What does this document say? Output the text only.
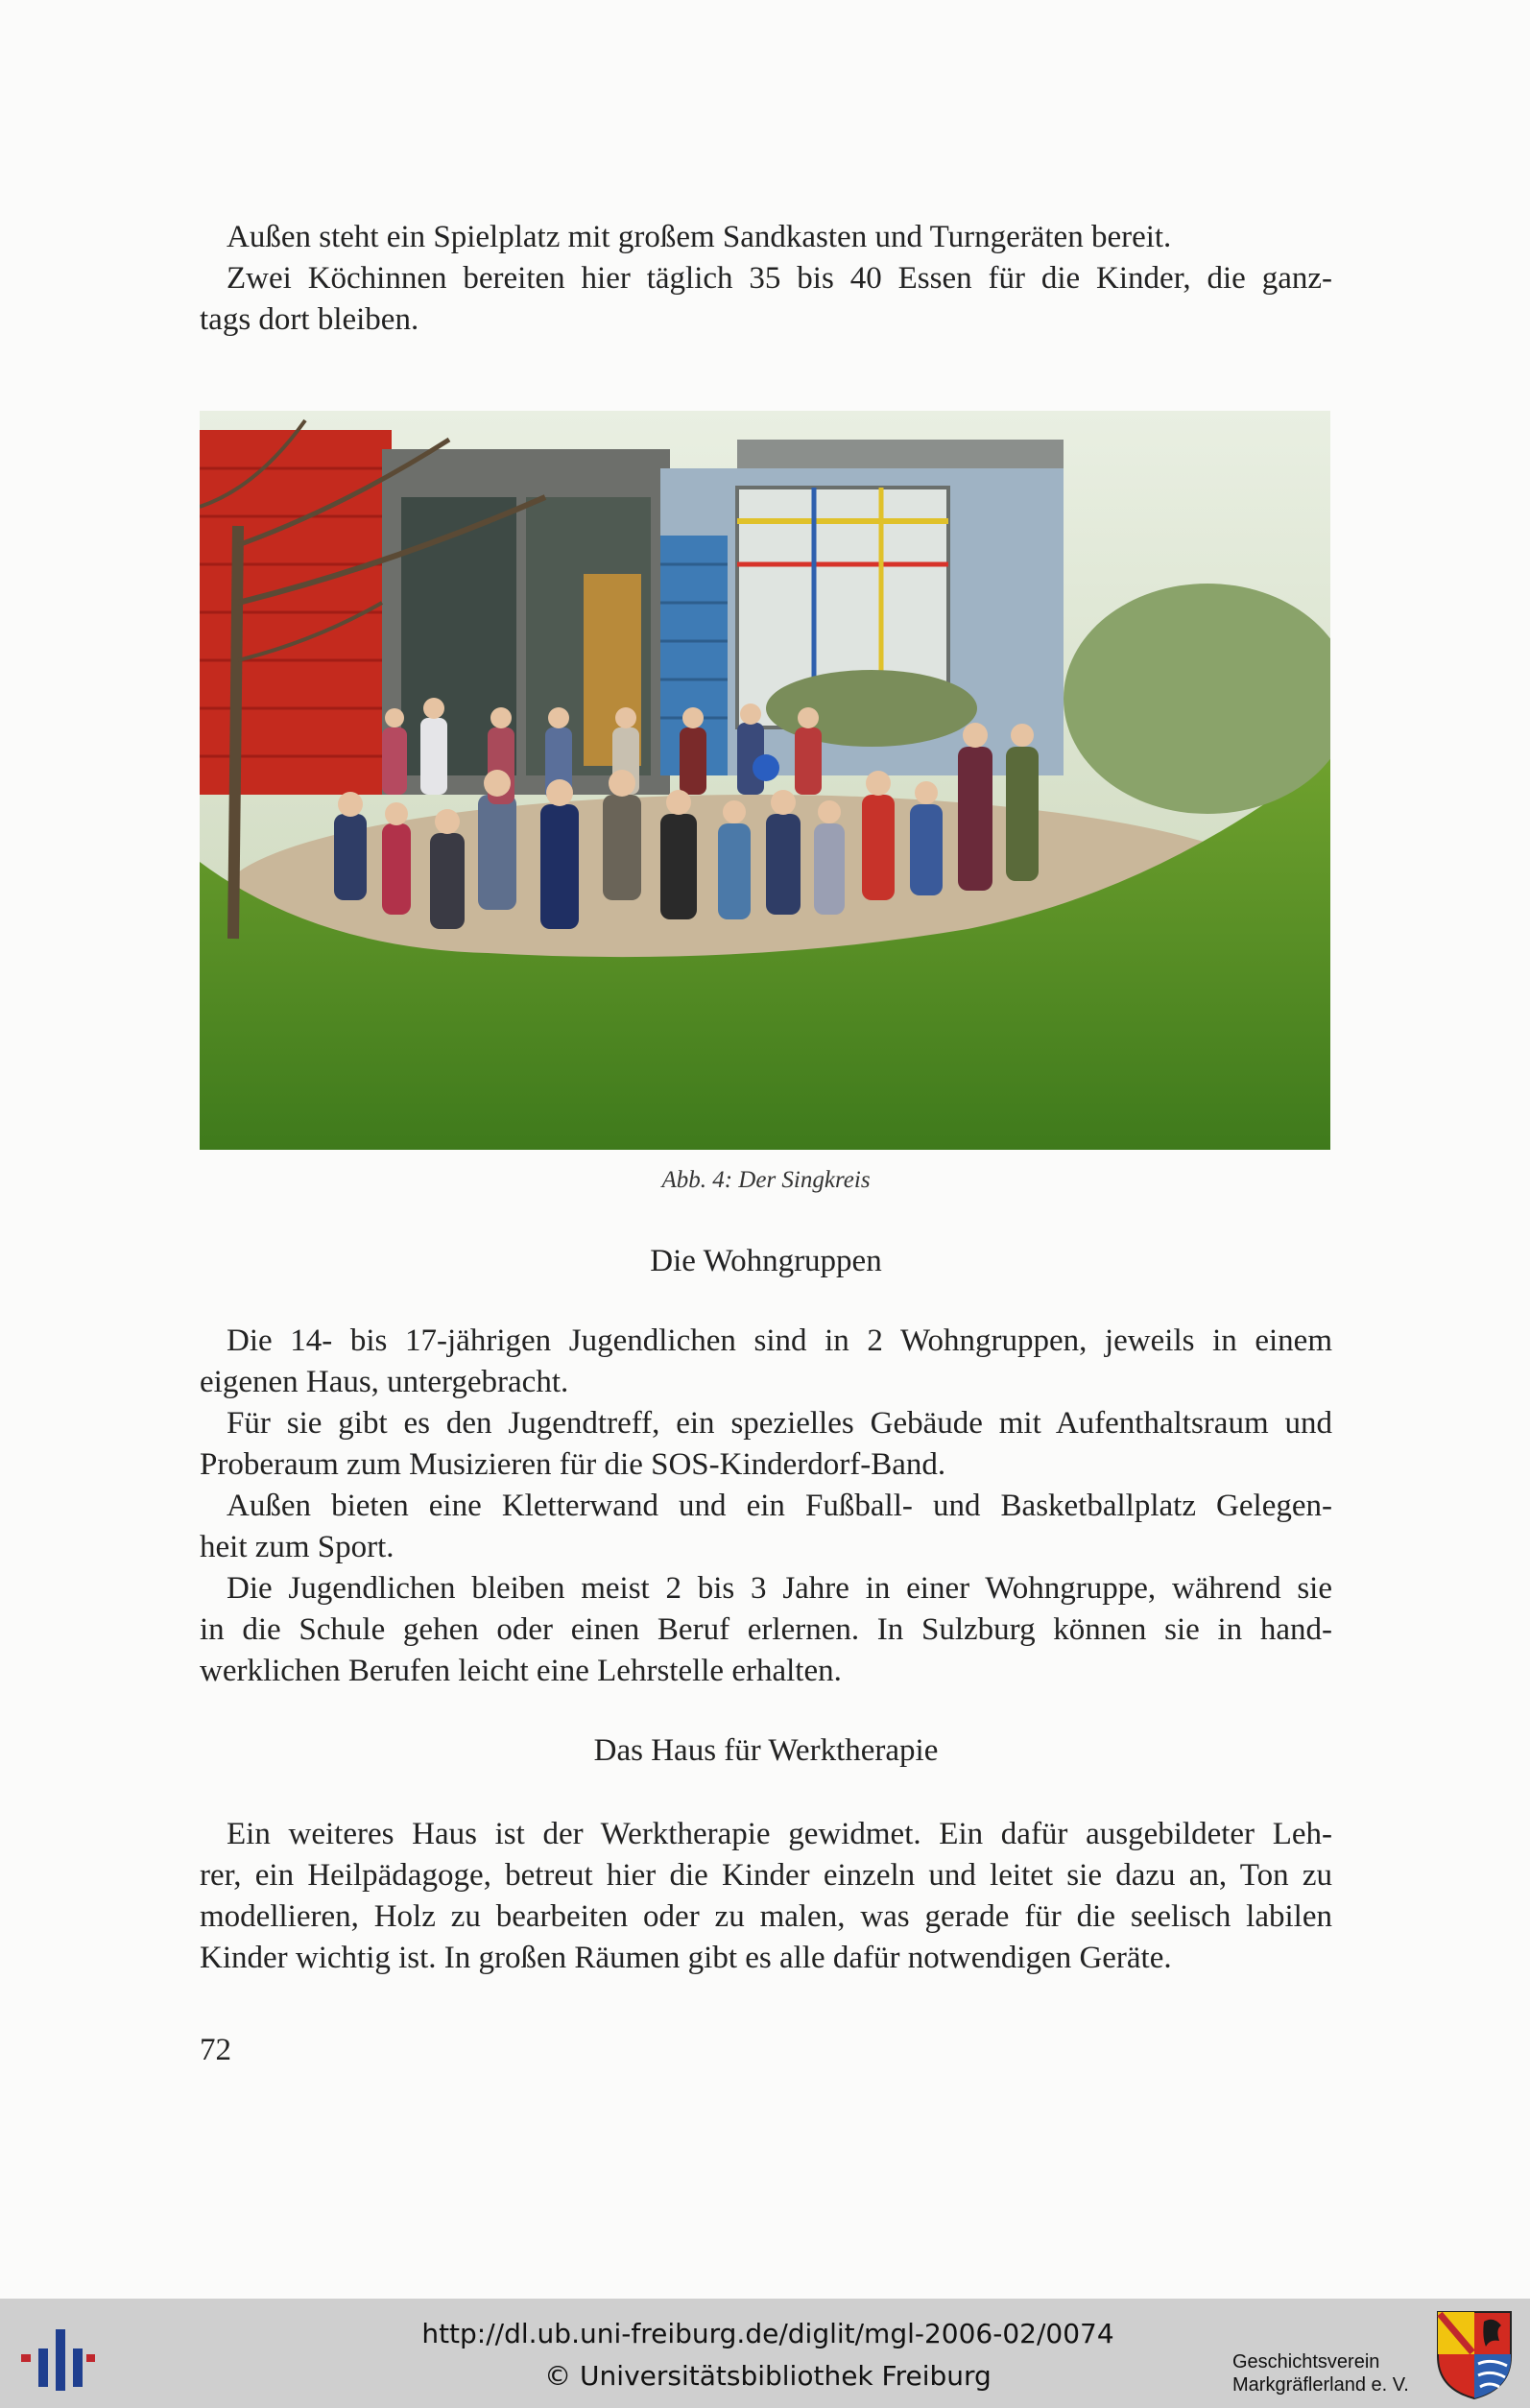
Außen steht ein Spielplatz mit großem Sandkasten und Turngeräten bereit.

Zwei Köchinnen bereiten hier täglich 35 bis 40 Essen für die Kinder, die ganz-
tags dort bleiben.

Abb. 4: Der Singkreis
Die Wohngruppen

Die 14- bis 17-jährigen Jugendlichen sind in 2 Wohngruppen, jeweils in einem
eigenen Haus, untergebracht.

Für sie gibt es den Jugendtreff, ein spezielles Gebäude mit Aufenthaltsraum und
Proberaum zum Musizieren für die SOS-Kinderdorf-Band.

Außen bieten eine Kletterwand und ein Fußball- und Basketballplatz Gelegen-
heit zum Sport.

Die Jugendlichen bleiben meist 2 bis 3 Jahre in einer Wohngruppe, während sie
in die Schule gehen oder einen Beruf erlernen. In Sulzburg können sie in hand-
werklichen Berufen leicht eine Lehrstelle erhalten.

Das Haus für Werktherapie

Ein weiteres Haus ist der Werktherapie gewidmet. Ein dafür ausgebildeter Leh-
rer, ein Heilpädagoge, betreut hier die Kinder einzeln und leitet sie dazu an, Ton zu
modellieren, Holz zu bearbeiten oder zu malen, was gerade für die seelisch labilen
Kinder wichtig ist. In großen Räumen gibt es alle dafür notwendigen Geräte.

72
http://dl.ub.uni-freiburg.de/diglit/mgl-2006-02/0074
© Universitätsbibliothek Freiburg	Geschichtsverein
Markgräflerland e. V.
